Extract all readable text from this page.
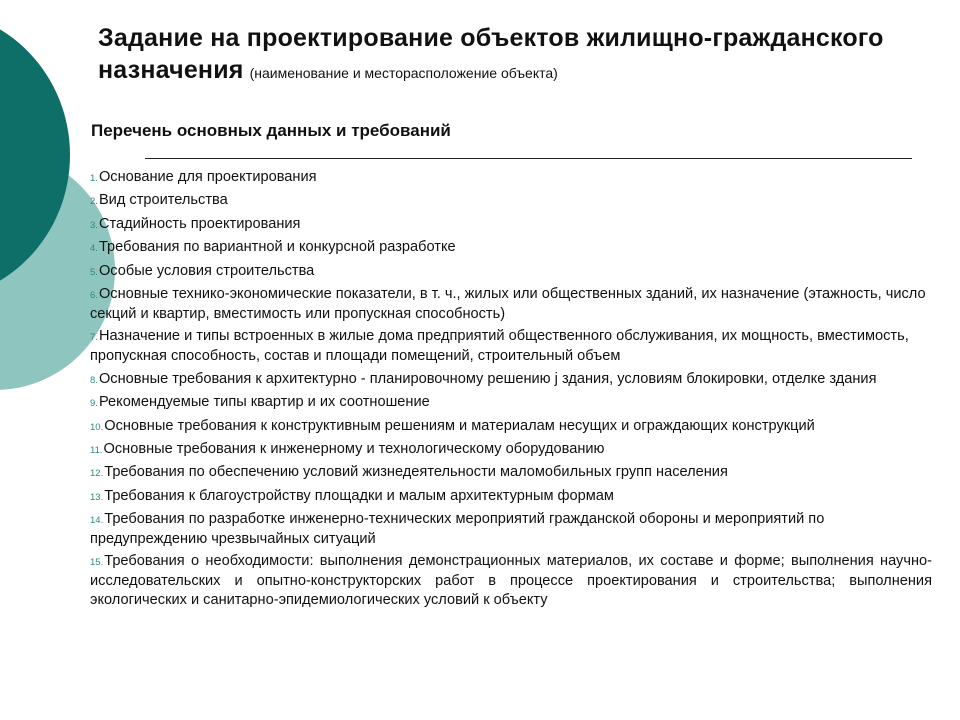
Задание на проектирование объектов жилищно-гражданского назначения (наименование и месторасположение объекта)
Перечень основных данных и требований
1.Основание для проектирования
2.Вид строительства
3.Стадийность проектирования
4.Требования по вариантной и конкурсной разработке
5.Особые условия строительства
6.Основные технико-экономические показатели, в т. ч., жилых или общественных зданий, их назначение (этажность, число секций и квартир, вместимость или пропускная способность)
7.Назначение и типы встроенных в жилые дома предприятий общественного обслуживания, их мощность, вместимость, пропускная способность, состав и площади помещений, строительный объем
8.Основные требования к архитектурно - планировочному решению j здания, условиям блокировки, отделке здания
9.Рекомендуемые типы квартир и их соотношение
10.Основные требования к конструктивным решениям и материалам несущих и ограждающих конструкций
11.Основные требования к инженерному и технологическому оборудованию
12.Требования по обеспечению условий жизнедеятельности маломобильных групп населения
13.Требования к благоустройству площадки и малым архитектурным формам
14.Требования по разработке инженерно-технических мероприятий гражданской обороны и мероприятий по предупреждению чрезвычайных ситуаций
15.Требования о необходимости: выполнения демонстрационных материалов, их составе и форме; выполнения научно-исследовательских и опытно-конструкторских работ в процессе проектирования и строительства; выполнения экологических и санитарно-эпидемиологических условий к объекту
